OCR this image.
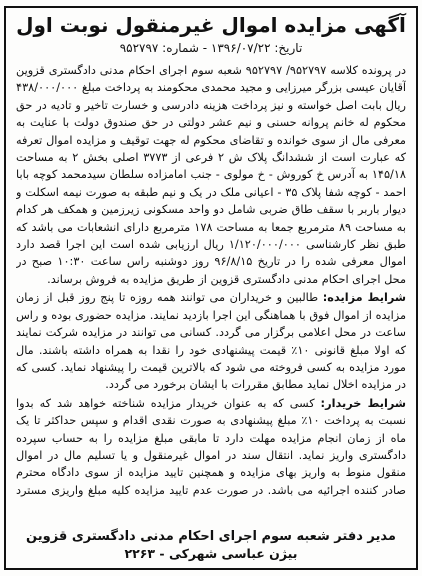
آگهی مزایده اموال غیرمنقول نوبت اول
تاریخ: ۱۳۹۶/۰۷/۲۲ - شماره: ۹۵۲۷۹۷

در پرونده کلاسه ۹۵۲۷۹۷/ ۹۵۲۷۹۷ شعبه سوم اجرای احکام مدنی دادگستری قزوین آقایان عیسی بزرگر میرزایی و مجید محمدی محکومند به پرداخت مبلغ ۴۳۸/۰۰۰/۰۰۰ ریال بابت اصل خواسته و نیز پرداخت هزینه دادرسی و خسارت تاخیر و تادیه در حق محکوم له خانم پروانه حسنی و نیم عشر دولتی در حق صندوق دولت با عنایت به معرفی مال از سوی خوانده و تقاضای محکوم له جهت توقیف و مزایده اموال تعرفه که عبارت است از ششدانگ پلاک ش ۲ فرعی از ۳۷۷۳ اصلی بخش ۲ به مساحت ۱۴۵/۱۸ به آدرس خ کوروش - خ مولوی - جنب امامزاده سلطان سیدمحمد کوچه بابا احمد - کوچه شفا پلاک ۳۵ - اعیانی ملک در یک و نیم طبقه به صورت نیمه اسکلت و دیوار باربر با سقف طاق ضربی شامل دو واحد مسکونی زیرزمین و همکف هر کدام به مساحت ۸۹ مترمربع جمعا به مساحت ۱۷۸ مترمربع دارای انشعابات می باشد که طبق نظر کارشناسی ۱/۱۲۰/۰۰۰/۰۰۰ ریال ارزیابی شده است این اجرا قصد دارد اموال معرفی شده را در تاریخ ۹۶/۸/۱۵ روز دوشنبه راس ساعت ۱۰:۳۰ صبح در محل اجرای احکام مدنی دادگستری قزوین از طریق مزایده به فروش برساند.

شرایط مزایده: طالبین و خریداران می توانند همه روزه تا پنج روز قبل از زمان مزایده از اموال فوق با هماهنگی این اجرا بازدید نمایند. مزایده حضوری بوده و راس ساعت در محل اعلامی برگزار می گردد. کسانی می توانند در مزایده شرکت نمایند که اولا مبلغ قانونی ۱۰٪ قیمت پیشنهادی خود را نقدا به همراه داشته باشند. مال مورد مزایده به کسی فروخته می شود که بالاترین قیمت را پیشنهاد نماید. کسی که در مزایده اخلال نماید مطابق مقررات با ایشان برخورد می گردد.

شرایط خریدار: کسی که به عنوان خریدار مزایده شناخته خواهد شد که بدوا نسبت به پرداخت ۱۰٪ مبلغ پیشنهادی به صورت نقدی اقدام و سپس حداکثر تا یک ماه از زمان انجام مزایده مهلت دارد تا مابقی مبلغ مزایده را به حساب سپرده دادگستری واریز نماید. انتقال سند در اموال غیرمنقول و یا تسلیم مال در اموال منقول منوط به واریز بهای مزایده و همچنین تایید مزایده از سوی دادگاه محترم صادر کننده اجرائیه می باشد. در صورت عدم تایید مزایده کلیه مبلغ واریزی مسترد

مدیر دفتر شعبه سوم اجرای احکام مدنی دادگستری قزوین
بیژن عباسی شهرکی - ۲۲۶۳
